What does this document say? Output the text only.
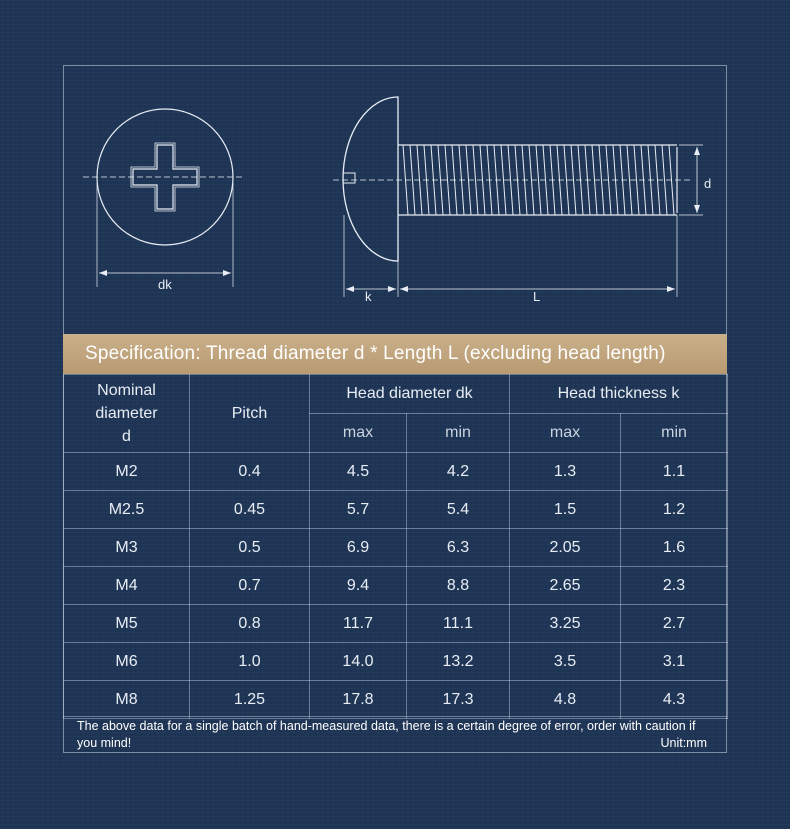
dk
d
k	L
Specification: Thread diameter d * Length L (excluding head length)
Nominal
diameter
d	Pitch	Head diameter dk		Head thickness k	
		max	min	max	min
M2	0.4	4.5	4.2	1.3	1.1
M2.5	0.45	5.7	5.4	1.5	1.2
M3	0.5	6.9	6.3	2.05	1.6
M4	0.7	9.4	8.8	2.65	2.3
M5	0.8	11.7	11.1	3.25	2.7
M6	1.0	14.0	13.2	3.5	3.1
M8	1.25	17.8	17.3	4.8	4.3
The above data for a single batch of hand-measured data, there is a certain degree of error, order with caution if you mind!	Unit:mm
